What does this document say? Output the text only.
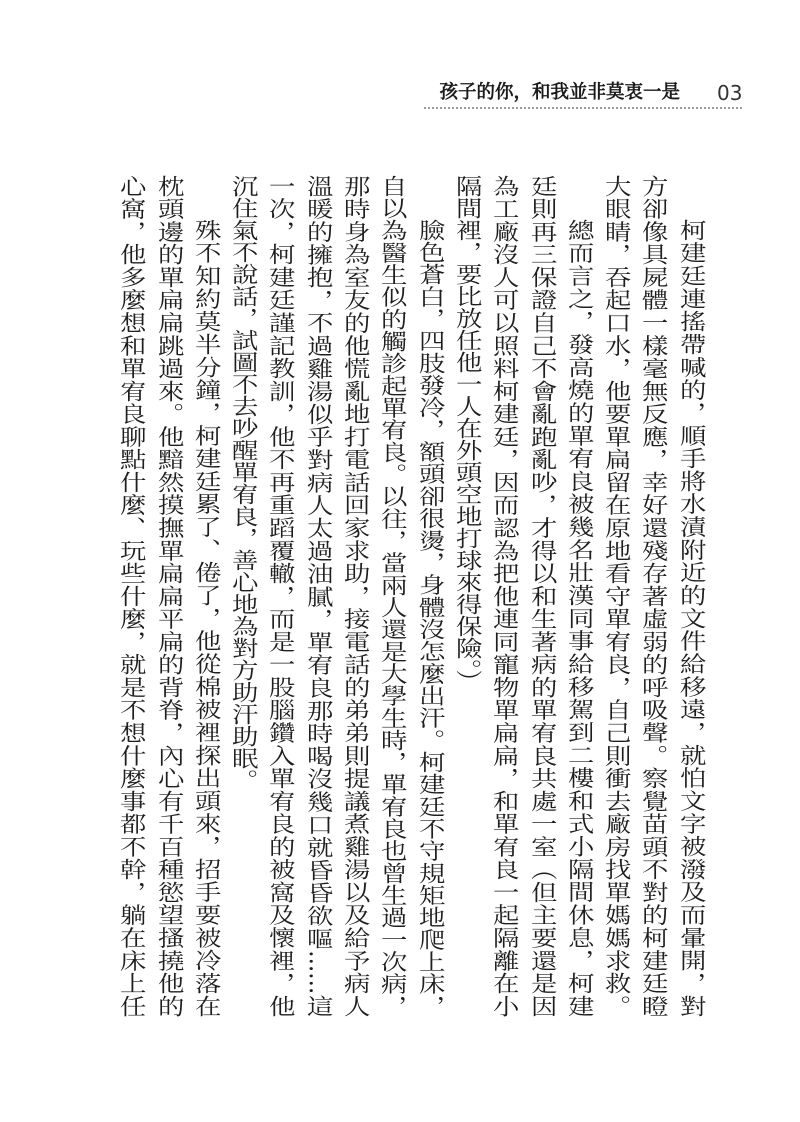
孩子的你，和我並非莫衷一是 03
柯建廷連搖帶喊的，順手將水漬附近的文件給移遠，就怕文字被潑及而暈開，對
方卻像具屍體一樣毫無反應，幸好還殘存著虛弱的呼吸聲。察覺苗頭不對的柯建廷瞪
大眼睛，吞起口水，他要單扁留在原地看守單宥良，自己則衝去廠房找單媽媽求救。
總而言之，發高燒的單宥良被幾名壯漢同事給移駕到二樓和式小隔間休息，柯建
廷則再三保證自己不會亂跑亂吵，才得以和生著病的單宥良共處一室（但主要還是因
為工廠沒人可以照料柯建廷，因而認為把他連同寵物單扁扁，和單宥良一起隔離在小
隔間裡，要比放任他一人在外頭空地打球來得保險。）
臉色蒼白，四肢發冷，額頭卻很燙，身體沒怎麼出汗。柯建廷不守規矩地爬上床，
自以為醫生似的觸診起單宥良。以往，當兩人還是大學生時，單宥良也曾生過一次病，
那時身為室友的他慌亂地打電話回家求助，接電話的弟弟則提議煮雞湯以及給予病人
溫暖的擁抱，不過雞湯似乎對病人太過油膩，單宥良那時喝沒幾口就昏昏欲嘔……這
一次，柯建廷謹記教訓，他不再重蹈覆轍，而是一股腦鑽入單宥良的被窩及懷裡，他
沉住氣不說話，試圖不去吵醒單宥良，善心地為對方助汗助眠。
殊不知約莫半分鐘，柯建廷累了、倦了，他從棉被裡探出頭來，招手要被冷落在
枕頭邊的單扁扁跳過來。他黯然摸撫單扁扁平扁的背脊，內心有千百種慾望搔撓他的
心窩，他多麼想和單宥良聊點什麼、玩些什麼，就是不想什麼事都不幹，躺在床上任
